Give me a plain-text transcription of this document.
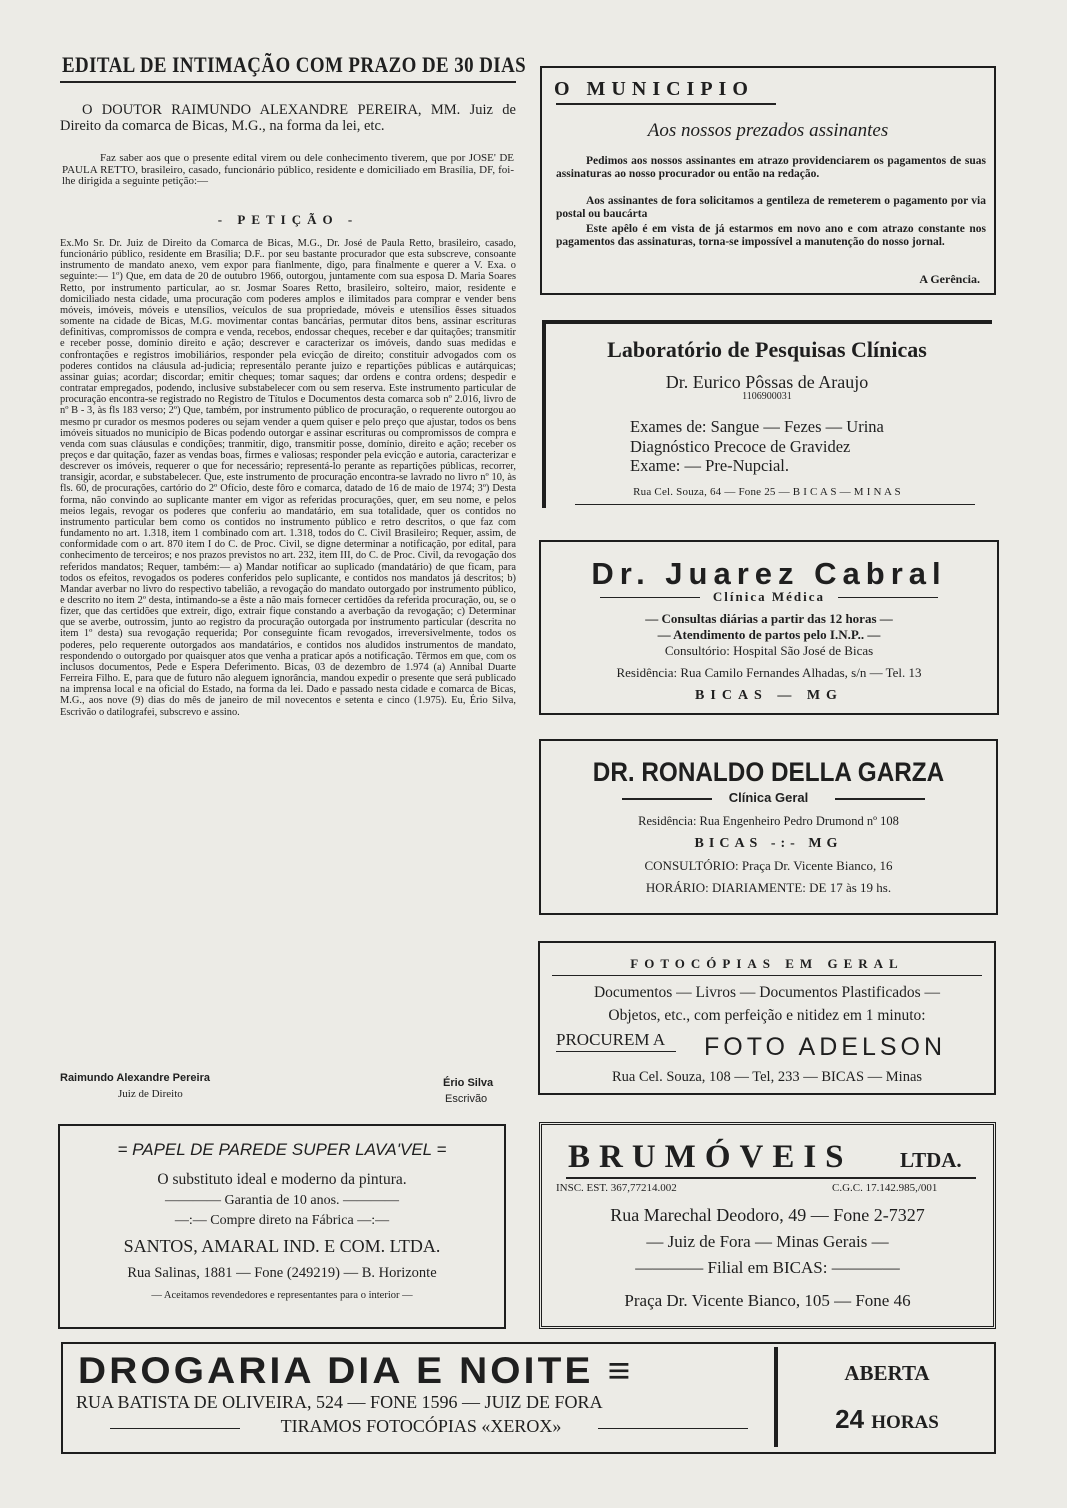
EDITAL DE INTIMAÇÃO COM PRAZO DE 30 DIAS
O DOUTOR RAIMUNDO ALEXANDRE PEREIRA, MM. Juiz de Direito da comarca de Bicas, M.G., na forma da lei, etc.
Faz saber aos que o presente edital virem ou dele conhecimento tiverem, que por JOSE' DE PAULA RETTO, brasileiro, casado, funcionário público, residente e domiciliado em Brasília, DF, foi-lhe dirigida a seguinte petição:—
- PETIÇÃO -
Ex.Mo Sr. Dr. Juiz de Direito da Comarca de Bicas, M.G., Dr. José de Paula Retto, brasileiro, casado, funcionário público, residente em Brasília; D.F.. por seu bastante procurador que esta subscreve, consoante instrumento de mandato anexo, vem expor para fianlmente, digo, para finalmente e querer a V. Exa. o seguinte:— 1º) Que, em data de 20 de outubro 1966, outorgou, juntamente com sua esposa D. Maria Soares Retto, por instrumento particular, ao sr. Josmar Soares Retto, brasileiro, solteiro, maior, residente e domiciliado nesta cidade, uma procuração com poderes amplos e ilimitados para comprar e vender bens móveis, imóveis, móveis e utensílios, veículos de sua propriedade, móveis e utensílios êsses situados somente na cidade de Bicas, M.G. movimentar contas bancárias, permutar ditos bens, assinar escrituras definitivas, compromissos de compra e venda, recebos, endossar cheques, receber e dar quitações; transmitir e receber posse, domínio direito e ação; descrever e caracterizar os imóveis, dando suas medidas e confrontações e registros imobiliários, responder pela evicção de direito; constituir advogados com os poderes contidos na cláusula ad-judicia; representálo perante juizo e repartições públicas e autárquicas; assinar guias; acordar; discordar; emitir cheques; tomar saques; dar ordens e contra ordens; despedir e contratar empregados, podendo, inclusive substabelecer com ou sem reserva. Este instrumento particular de procuração encontra-se registrado no Registro de Títulos e Documentos desta comarca sob nº 2.016, livro de nº B - 3, às fls 183 verso; 2º) Que, também, por instrumento público de procuração, o requerente outorgou ao mesmo pr curador os mesmos poderes ou sejam vender a quem quiser e pelo preço que ajustar, todos os bens imóveis situados no município de Bicas podendo outorgar e assinar escrituras ou compromissos de compra e venda com suas cláusulas e condições; tranmitir, digo, transmitir posse, domínio, direito e ação; receber os preços e dar quitação, fazer as vendas boas, firmes e valiosas; responder pela evicção e autoria, caracterizar e descrever os imóveis, requerer o que for necessário; representá-lo perante as repartições públicas, recorrer, transigir, acordar, e substabelecer. Que, este instrumento de procuração encontra-se lavrado no livro nº 10, às fls. 60, de procurações, cartório do 2º Ofício, deste fôro e comarca, datado de 16 de maio de 1974; 3º) Desta forma, não convindo ao suplicante manter em vigor as referidas procurações, quer, em seu nome, e pelos meios legais, revogar os poderes que conferiu ao mandatário, em sua totalidade, quer os contidos no instrumento particular bem como os contidos no instrumento público e retro descritos, o que faz com fundamento no art. 1.318, item 1 combinado com art. 1.318, todos do C. Civil Brasileiro; Requer, assim, de conformidade com o art. 870 item I do C. de Proc. Civil, se digne determinar a notificação, por edital, para conhecimento de terceiros; e nos prazos previstos no art. 232, item III, do C. de Proc. Civil, da revogação dos referidos mandatos; Requer, também:— a) Mandar notificar ao suplicado (mandatário) de que ficam, para todos os efeitos, revogados os poderes conferidos pelo suplicante, e contidos nos mandatos já descritos; b) Mandar averbar no livro do respectivo tabelião, a revogação do mandato outorgado por instrumento público, e descrito no item 2º desta, intimando-se a êste a não mais fornecer certidões da referida procuração, ou, se o fizer, que das certidões que extreir, digo, extrair fique constando a averbação da revogação; c) Determinar que se averbe, outrossim, junto ao registro da procuração outorgada por instrumento particular (descrita no item 1º desta) sua revogação requerida; Por conseguinte ficam revogados, irreversivelmente, todos os poderes, pelo requerente outorgados aos mandatários, e contidos nos aludidos instrumentos de mandato, respondendo o outorgado por quaisquer atos que venha a praticar após a notificação. Têrmos em que, com os inclusos documentos, Pede e Espera Deferimento. Bicas, 03 de dezembro de 1.974 (a) Annibal Duarte Ferreira Filho. E, para que de futuro não aleguem ignorância, mandou expedir o presente que será publicado na imprensa local e na oficial do Estado, na forma da lei. Dado e passado nesta cidade e comarca de Bicas, M.G., aos nove (9) dias do mês de janeiro de mil novecentos e setenta e cinco (1.975). Eu, Ério Silva, Escrivão o datilografei, subscrevo e assino.
Raimundo Alexandre Pereira
Juiz de Direito
Ério Silva
Escrivão
O MUNICIPIO
Aos nossos prezados assinantes
Pedimos aos nossos assinantes em atrazo providenciarem os pagamentos de suas assinaturas ao nosso procurador ou então na redação.
Aos assinantes de fora solicitamos a gentileza de remeterem o pagamento por via postal ou baucárta
Este apêlo é em vista de já estarmos em novo ano e com atrazo constante nos pagamentos das assinaturas, torna-se impossível a manutenção do nosso jornal.
A Gerência.
Laboratório de Pesquisas Clínicas
Dr. Eurico Pôssas de Araujo
1106900031
Exames de: Sangue — Fezes — Urina
Diagnóstico Precoce de Gravidez
Exame: — Pre-Nupcial.
Rua Cel. Souza, 64 — Fone 25 — B I C A S — M I N A S
Dr. Juarez Cabral
Clínica Médica
— Consultas diárias a partir das 12 horas —
— Atendimento de partos pelo I.N.P.. —
Consultório: Hospital São José de Bicas
Residência: Rua Camilo Fernandes Alhadas, s/n — Tel. 13
BICAS — MG
DR. RONALDO DELLA GARZA
Clínica Geral
Residência: Rua Engenheiro Pedro Drumond nº 108
BICAS -:- MG
CONSULTÓRIO: Praça Dr. Vicente Bianco, 16
HORÁRIO: DIARIAMENTE: DE 17 às 19 hs.
FOTOCÓPIAS EM GERAL
Documentos — Livros — Documentos Plastificados —
Objetos, etc., com perfeição e nitidez em 1 minuto:
PROCUREM A FOTO ADELSON
Rua Cel. Souza, 108 — Tel, 233 — BICAS — Minas
= PAPEL DE PAREDE SUPER LAVA'VEL =
O substituto ideal e moderno da pintura.
———— Garantia de 10 anos. ————
—:— Compre direto na Fábrica —:—
SANTOS, AMARAL IND. E COM. LTDA.
Rua Salinas, 1881 — Fone (249219) — B. Horizonte
— Aceitamos revendedores e representantes para o interior —
BRUMÓVEIS LTDA.
INSC. EST. 367,77214.002	C.G.C. 17.142.985,/001
Rua Marechal Deodoro, 49 — Fone 2-7327
— Juiz de Fora — Minas Gerais —
———— Filial em BICAS: ————
Praça Dr. Vicente Bianco, 105 — Fone 46
DROGARIA DIA E NOITE ≡
RUA BATISTA DE OLIVEIRA, 524 — FONE 1596 — JUIZ DE FORA
TIRAMOS FOTOCÓPIAS «XEROX»
ABERTA
24 HORAS
